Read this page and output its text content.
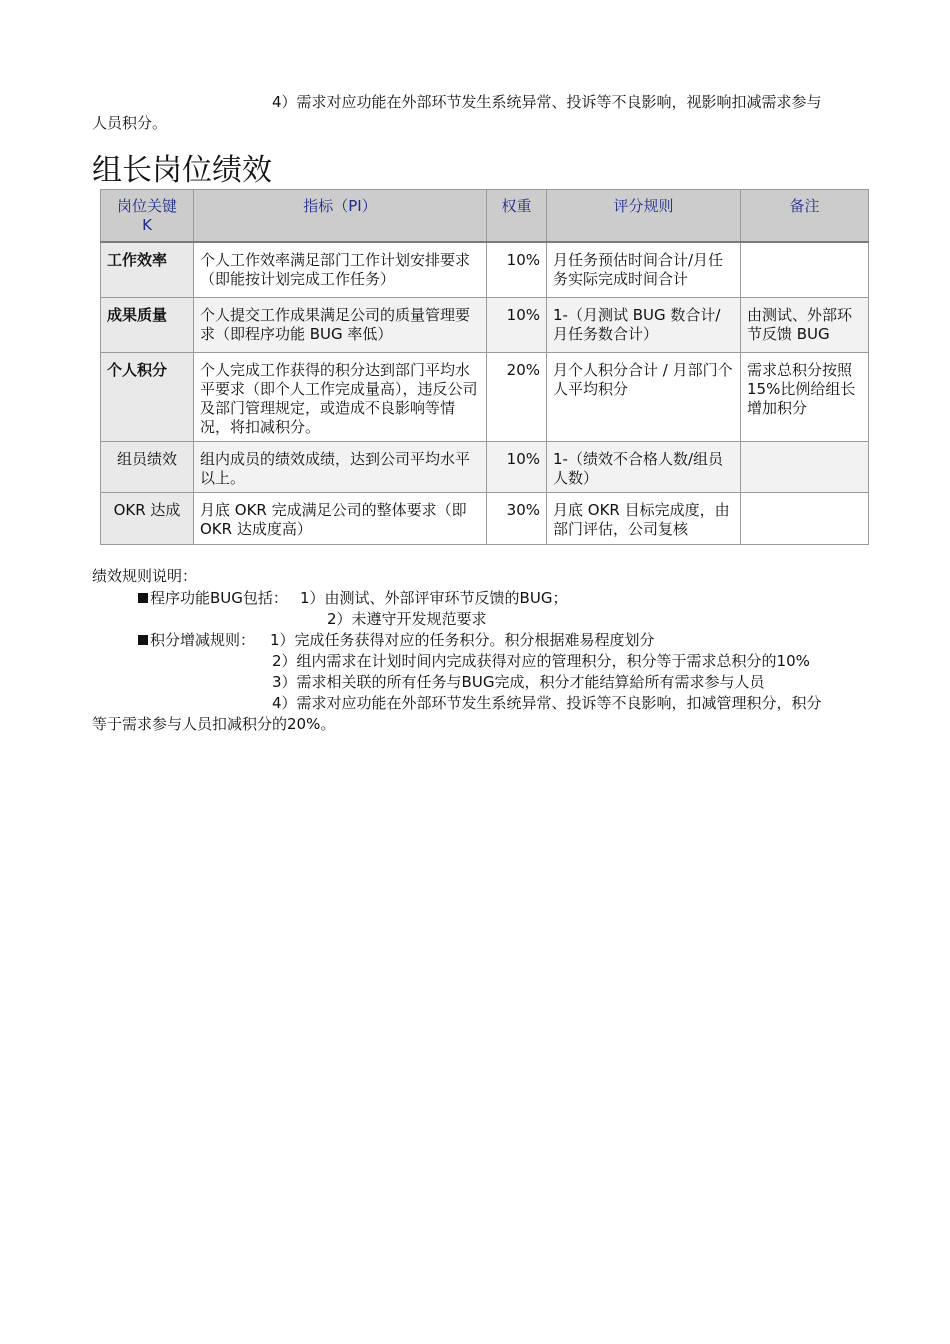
4）需求对应功能在外部环节发生系统异常、投诉等不良影响，视影响扣减需求参与
人员积分。
组长岗位绩效
岗位关键
K	指标（PI）	权重	评分规则	备注
工作效率	个人工作效率满足部门工作计划安排要求（即能按计划完成工作任务）	10%	月任务预估时间合计/月任务实际完成时间合计	
成果质量	个人提交工作成果满足公司的质量管理要求（即程序功能 BUG 率低）	10%	1-（月测试 BUG 数合计/月任务数合计）	由测试、外部环节反馈 BUG
个人积分	个人完成工作获得的积分达到部门平均水平要求（即个人工作完成量高），违反公司及部门管理规定，或造成不良影响等情况，将扣减积分。	20%	月个人积分合计 / 月部门个人平均积分	需求总积分按照15%比例给组长增加积分
组员绩效	组内成员的绩效成绩，达到公司平均水平以上。	10%	1-（绩效不合格人数/组员人数）	
OKR 达成	月底 OKR 完成满足公司的整体要求（即 OKR 达成度高）	30%	月底 OKR 目标完成度，由部门评估，公司复核	
绩效规则说明：
程序功能BUG包括： 1）由测试、外部评审环节反馈的BUG；
2）未遵守开发规范要求
积分增减规则： 1）完成任务获得对应的任务积分。积分根据难易程度划分
2）组内需求在计划时间内完成获得对应的管理积分，积分等于需求总积分的10%
3）需求相关联的所有任务与BUG完成，积分才能结算給所有需求参与人员
4）需求对应功能在外部环节发生系统异常、投诉等不良影响，扣减管理积分，积分
等于需求参与人员扣减积分的20%。
